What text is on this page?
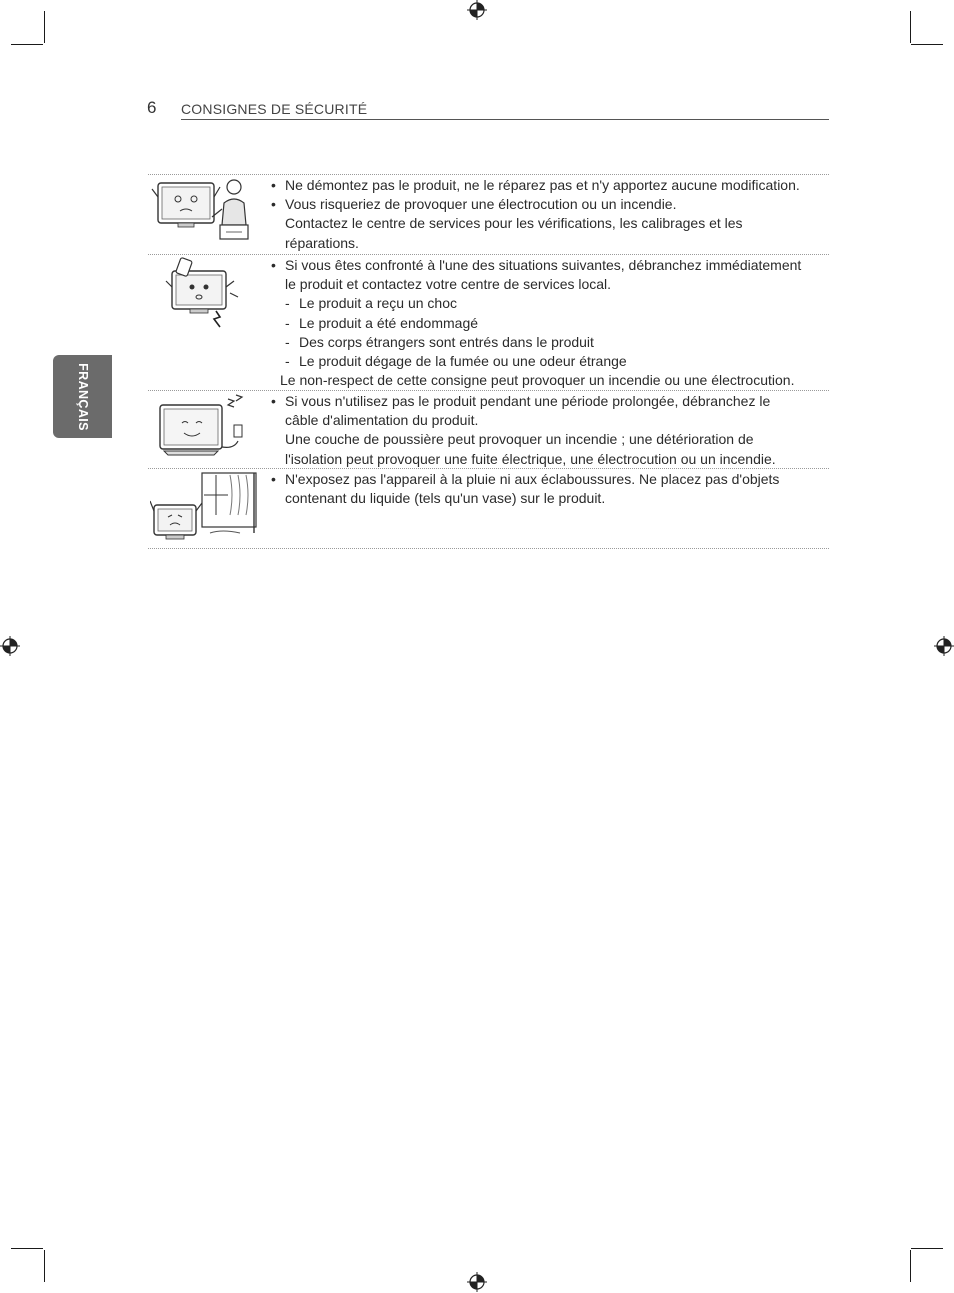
6 CONSIGNES DE SÉCURITÉ
FRANÇAIS
• Ne démontez pas le produit, ne le réparez pas et n'y apportez aucune modification.
• Vous risqueriez de provoquer une électrocution ou un incendie.
Contactez le centre de services pour les vérifications, les calibrages et les
réparations.
• Si vous êtes confronté à l'une des situations suivantes, débranchez immédiatement
le produit et contactez votre centre de services local.
- Le produit a reçu un choc
- Le produit a été endommagé
- Des corps étrangers sont entrés dans le produit
- Le produit dégage de la fumée ou une odeur étrange
Le non-respect de cette consigne peut provoquer un incendie ou une électrocution.
• Si vous n'utilisez pas le produit pendant une période prolongée, débranchez le
câble d'alimentation du produit.
Une couche de poussière peut provoquer un incendie ; une détérioration de
l'isolation peut provoquer une fuite électrique, une électrocution ou un incendie.
• N'exposez pas l'appareil à la pluie ni aux éclaboussures. Ne placez pas d'objets
contenant du liquide (tels qu'un vase) sur le produit.
